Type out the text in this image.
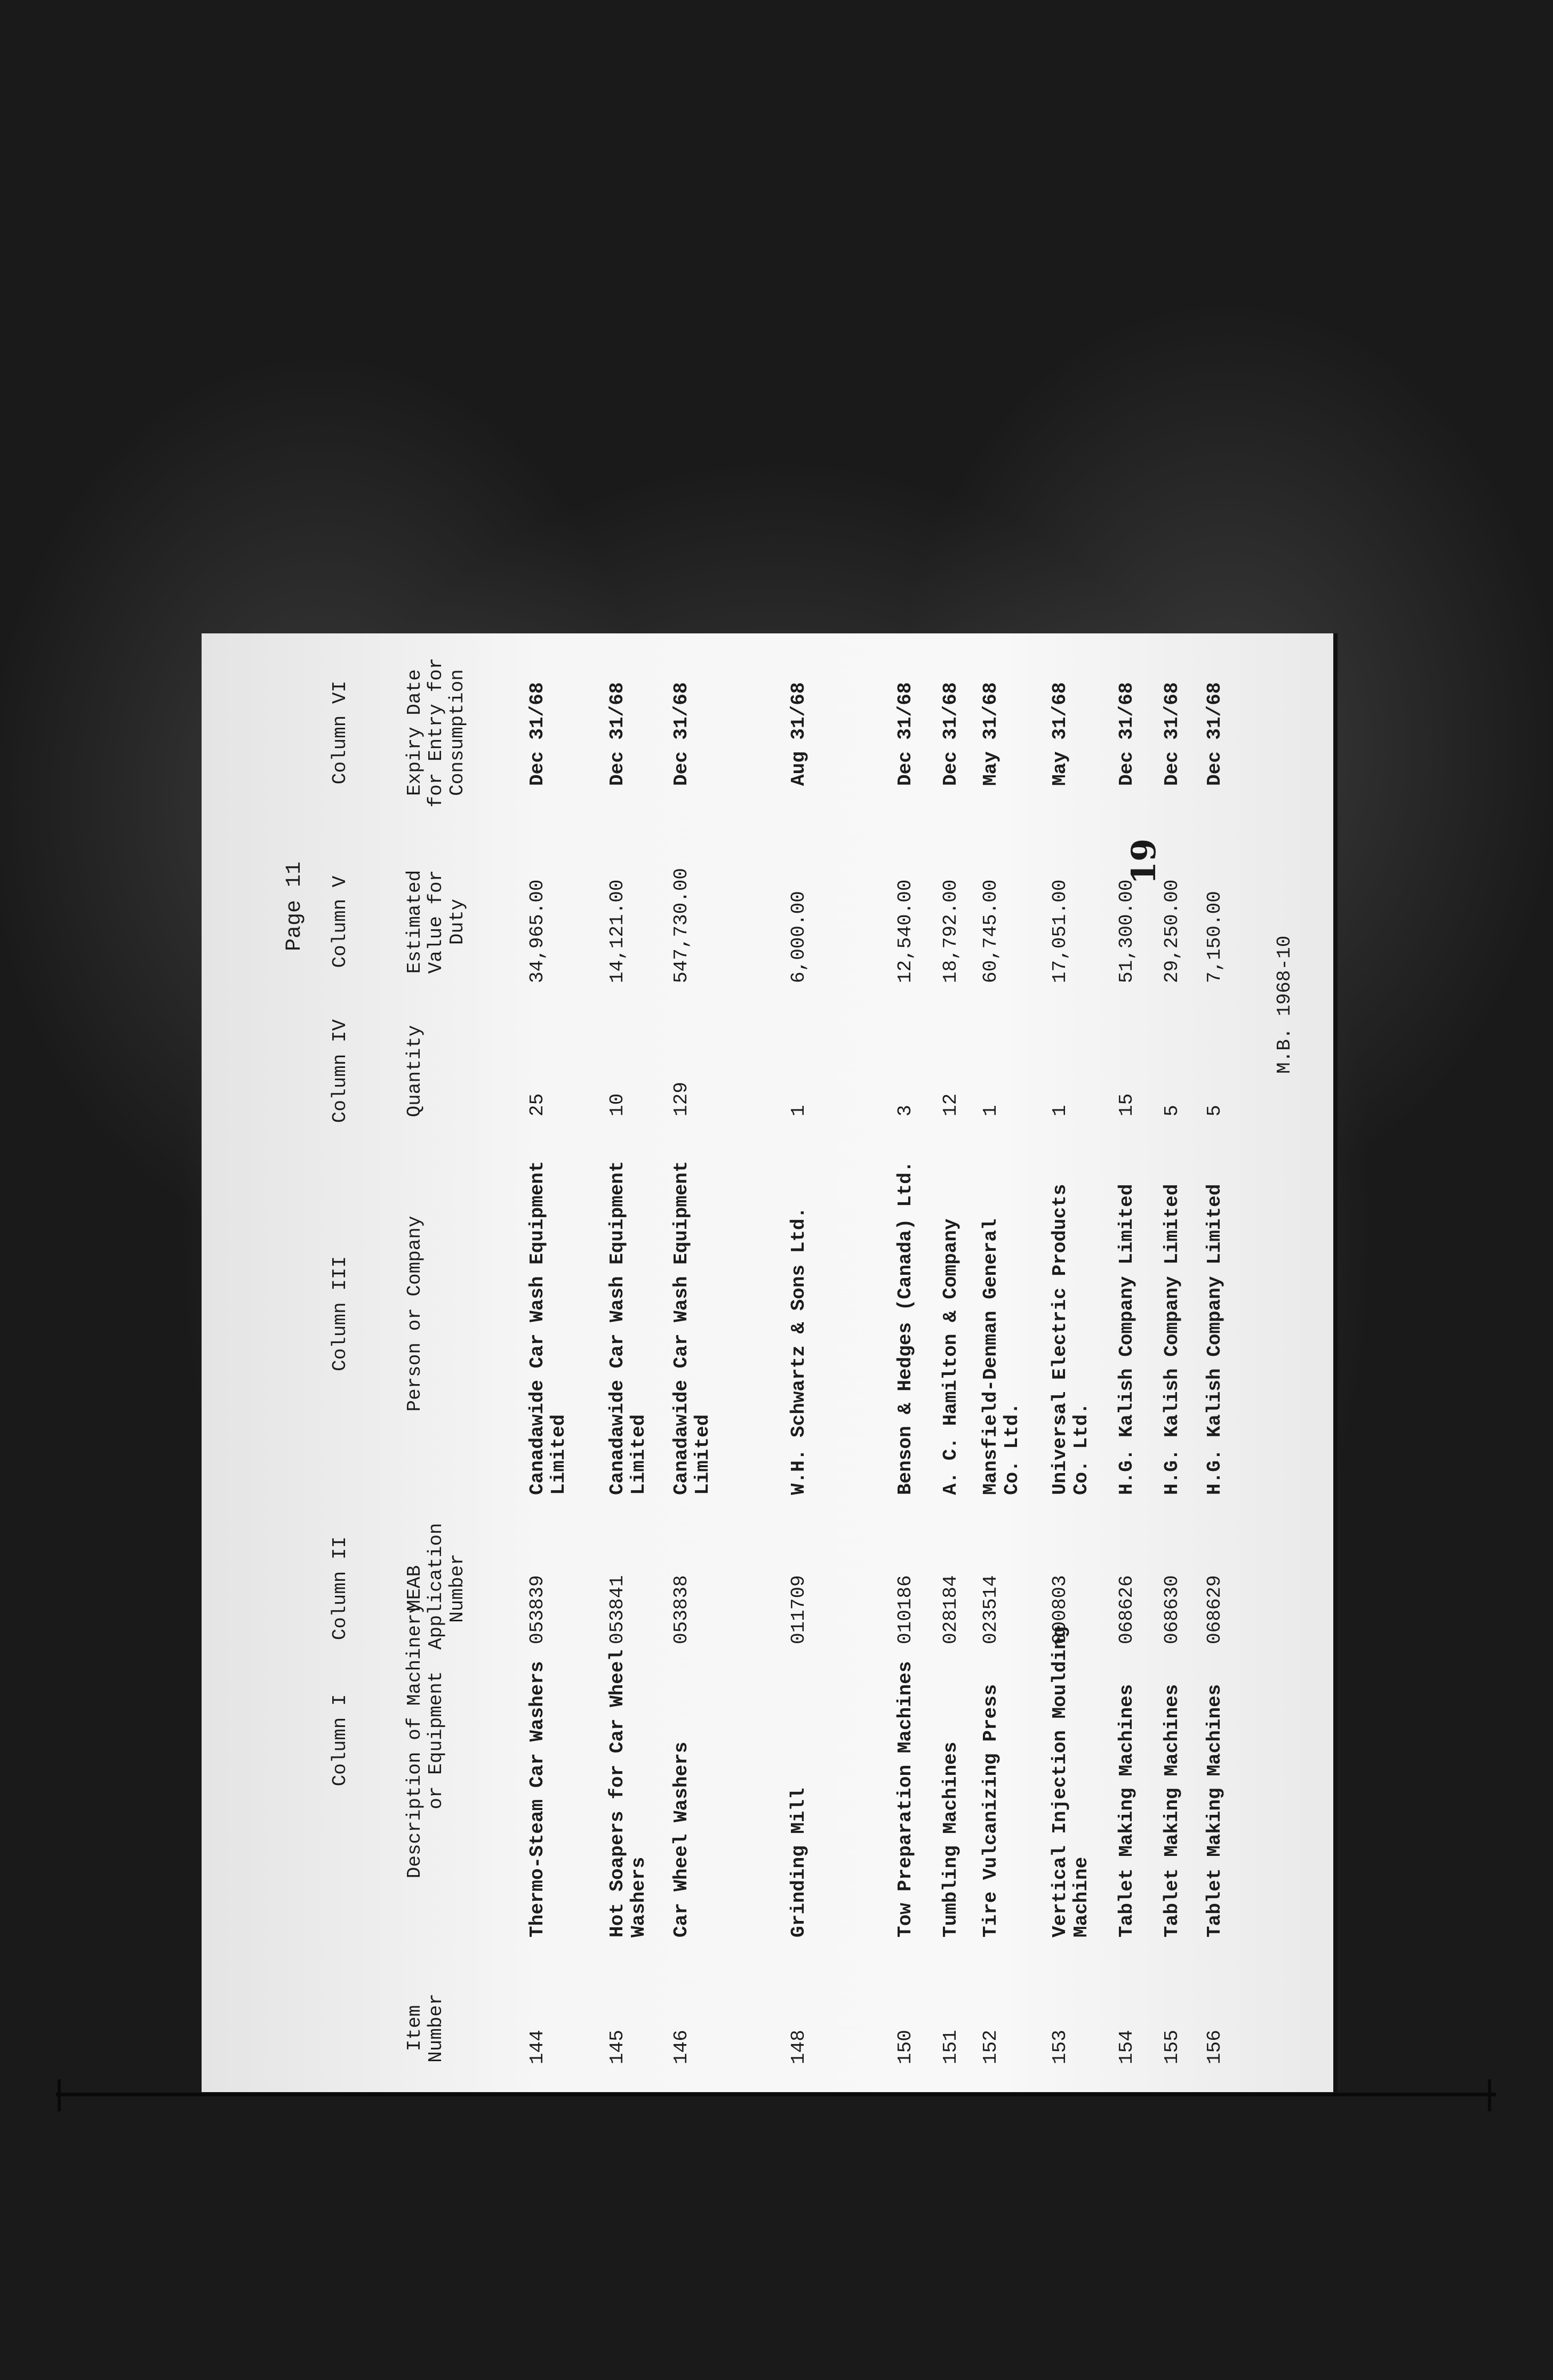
Page 11
19
M.B. 1968-10
Column I
Column II
Column III
Column IV
Column V
Column VI
Item
Number
Description of Machinery
or Equipment
MEAB
Application
Number
Person or Company
Quantity
Estimated
Value for
Duty
Expiry Date
for Entry for
Consumption
144
Thermo-Steam Car Washers
053839
Canadawide Car Wash Equipment
Limited
25
34,965.00
Dec 31/68
145
Hot Soapers for Car Wheel
Washers
053841
Canadawide Car Wash Equipment
Limited
10
14,121.00
Dec 31/68
146
Car Wheel Washers
053838
Canadawide Car Wash Equipment
Limited
129
547,730.00
Dec 31/68
148
Grinding Mill
011709
W.H. Schwartz & Sons Ltd.
1
6,000.00
Aug 31/68
150
Tow Preparation Machines
010186
Benson & Hedges (Canada) Ltd.
3
12,540.00
Dec 31/68
151
Tumbling Machines
028184
A. C. Hamilton & Company
12
18,792.00
Dec 31/68
152
Tire Vulcanizing Press
023514
Mansfield-Denman General
Co. Ltd.
1
60,745.00
May 31/68
153
Vertical Injection Moulding
Machine
000803
Universal Electric Products
Co. Ltd.
1
17,051.00
May 31/68
154
Tablet Making Machines
068626
H.G. Kalish Company Limited
15
51,300.00
Dec 31/68
155
Tablet Making Machines
068630
H.G. Kalish Company Limited
5
29,250.00
Dec 31/68
156
Tablet Making Machines
068629
H.G. Kalish Company Limited
5
7,150.00
Dec 31/68
